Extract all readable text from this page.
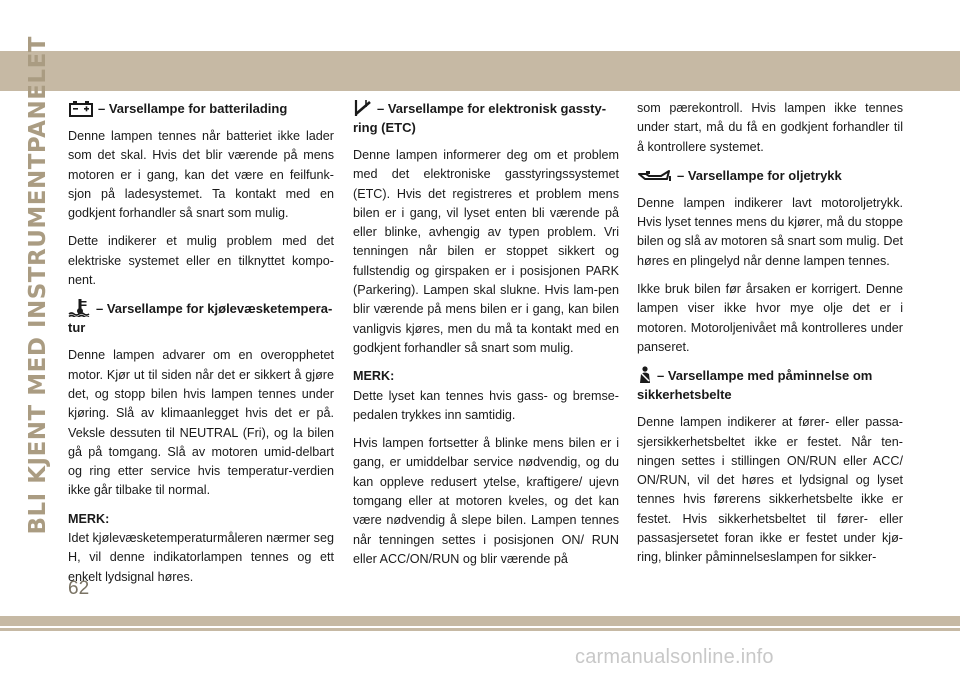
BLI KJENT MED INSTRUMENTPANELET	– Varsellampe for batterilading

Denne lampen tennes når batteriet ikke lader som det skal. Hvis det blir værende på mens motoren er i gang, kan det være en feilfunk-sjon på ladesystemet. Ta kontakt med en godkjent forhandler så snart som mulig.

Dette indikerer et mulig problem med det elektriske systemet eller en tilknyttet kompo-nent.

– Varsellampe for kjølevæsketempera-tur

Denne lampen advarer om en overopphetet motor. Kjør ut til siden når det er sikkert å gjøre det, og stopp bilen hvis lampen tennes under kjøring. Slå av klimaanlegget hvis det er på. Veksle dessuten til NEUTRAL (Fri), og la bilen gå på tomgang. Slå av motoren umid-delbart og ring etter service hvis temperatur-verdien ikke går tilbake til normal.

MERK:
Idet kjølevæsketemperaturmåleren nærmer seg H, vil denne indikatorlampen tennes og ett enkelt lydsignal høres.

– Varsellampe for elektronisk gassty-ring (ETC)

Denne lampen informerer deg om et problem med det elektroniske gasstyringssystemet (ETC). Hvis det registreres et problem mens bilen er i gang, vil lyset enten bli værende på eller blinke, avhengig av typen problem. Vri tenningen når bilen er stoppet sikkert og fullstendig og girspaken er i posisjonen PARK (Parkering). Lampen skal slukne. Hvis lam-pen blir værende på mens bilen er i gang, kan bilen vanligvis kjøres, men du må ta kontakt med en godkjent forhandler så snart som mulig.

MERK:
Dette lyset kan tennes hvis gass- og bremse-pedalen trykkes inn samtidig.

Hvis lampen fortsetter å blinke mens bilen er i gang, er umiddelbar service nødvendig, og du kan oppleve redusert ytelse, kraftigere/ ujevn tomgang eller at motoren kveles, og det kan være nødvendig å slepe bilen. Lampen tennes når tenningen settes i posisjonen ON/ RUN eller ACC/ON/RUN og blir værende på

som pærekontroll. Hvis lampen ikke tennes under start, må du få en godkjent forhandler til å kontrollere systemet.

– Varsellampe for oljetrykk

Denne lampen indikerer lavt motoroljetrykk. Hvis lyset tennes mens du kjører, må du stoppe bilen og slå av motoren så snart som mulig. Det høres en plingelyd når denne lampen tennes.

Ikke bruk bilen før årsaken er korrigert. Denne lampen viser ikke hvor mye olje det er i motoren. Motoroljenivået må kontrolleres under panseret.

– Varsellampe med påminnelse om sikkerhetsbelte

Denne lampen indikerer at fører- eller passa-sjersikkerhetsbeltet ikke er festet. Når ten-ningen settes i stillingen ON/RUN eller ACC/ ON/RUN, vil det høres et lydsignal og lyset tennes hvis førerens sikkerhetsbelte ikke er festet. Hvis sikkerhetsbeltet til fører- eller passasjersetet foran ikke er festet under kjø-ring, blinker påminnelseslampen for sikker-

62
carmanualsonline.info
